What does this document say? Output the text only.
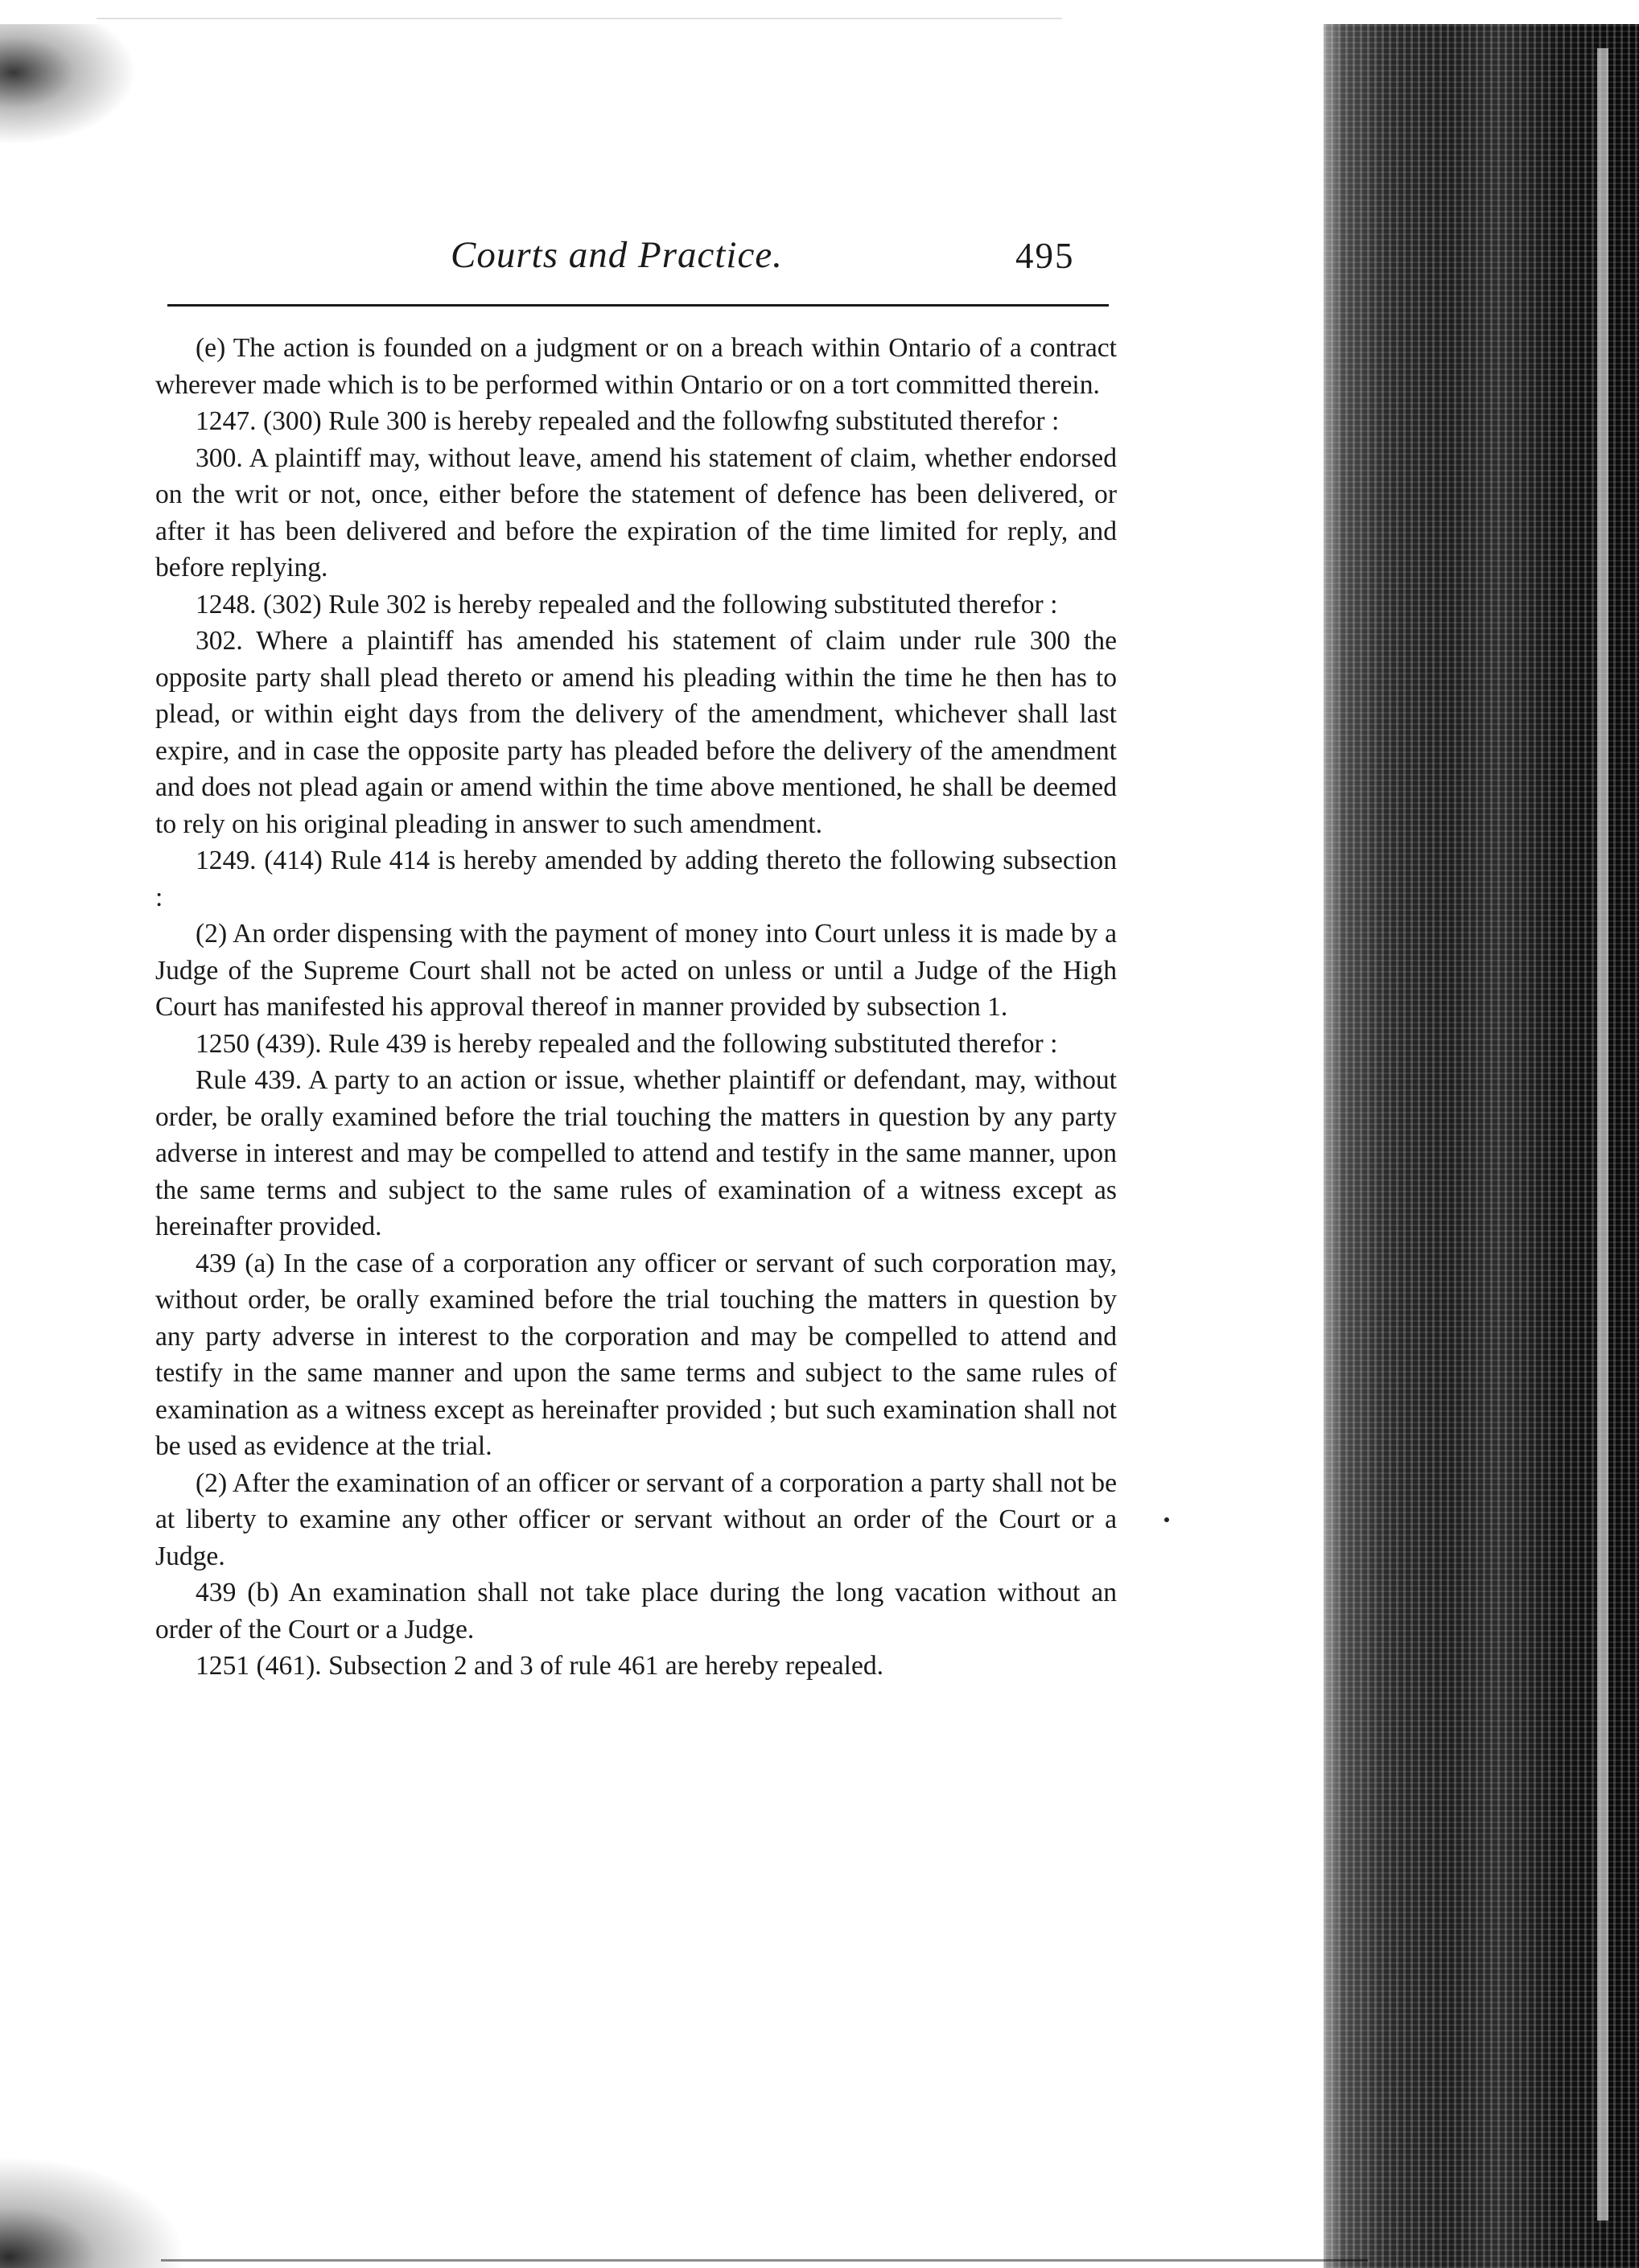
Courts and Practice.	495

(e) The action is founded on a judgment or on a breach within Ontario of a contract wherever made which is to be performed within Ontario or on a tort committed therein.

1247. (300) Rule 300 is hereby repealed and the followfng substituted therefor :

300. A plaintiff may, without leave, amend his statement of claim, whether endorsed on the writ or not, once, either before the statement of defence has been delivered, or after it has been delivered and before the expiration of the time limited for reply, and before replying.

1248. (302) Rule 302 is hereby repealed and the following substituted therefor :

302. Where a plaintiff has amended his statement of claim under rule 300 the opposite party shall plead thereto or amend his pleading within the time he then has to plead, or within eight days from the delivery of the amendment, whichever shall last expire, and in case the opposite party has pleaded before the delivery of the amendment and does not plead again or amend within the time above mentioned, he shall be deemed to rely on his original pleading in answer to such amendment.

1249. (414) Rule 414 is hereby amended by adding thereto the following subsection :

(2) An order dispensing with the payment of money into Court unless it is made by a Judge of the Supreme Court shall not be acted on unless or until a Judge of the High Court has manifested his approval thereof in manner provided by subsection 1.

1250 (439). Rule 439 is hereby repealed and the following substituted therefor :

Rule 439. A party to an action or issue, whether plaintiff or defendant, may, without order, be orally examined before the trial touching the matters in question by any party adverse in interest and may be compelled to attend and testify in the same manner, upon the same terms and subject to the same rules of examination of a witness except as hereinafter provided.

439 (a) In the case of a corporation any officer or servant of such corporation may, without order, be orally examined before the trial touching the matters in question by any party adverse in interest to the corporation and may be compelled to attend and testify in the same manner and upon the same terms and subject to the same rules of examination as a witness except as hereinafter provided ; but such examination shall not be used as evidence at the trial.

(2) After the examination of an officer or servant of a corporation a party shall not be at liberty to examine any other officer or servant without an order of the Court or a Judge.

439 (b) An examination shall not take place during the long vacation without an order of the Court or a Judge.

1251 (461). Subsection 2 and 3 of rule 461 are hereby repealed.
